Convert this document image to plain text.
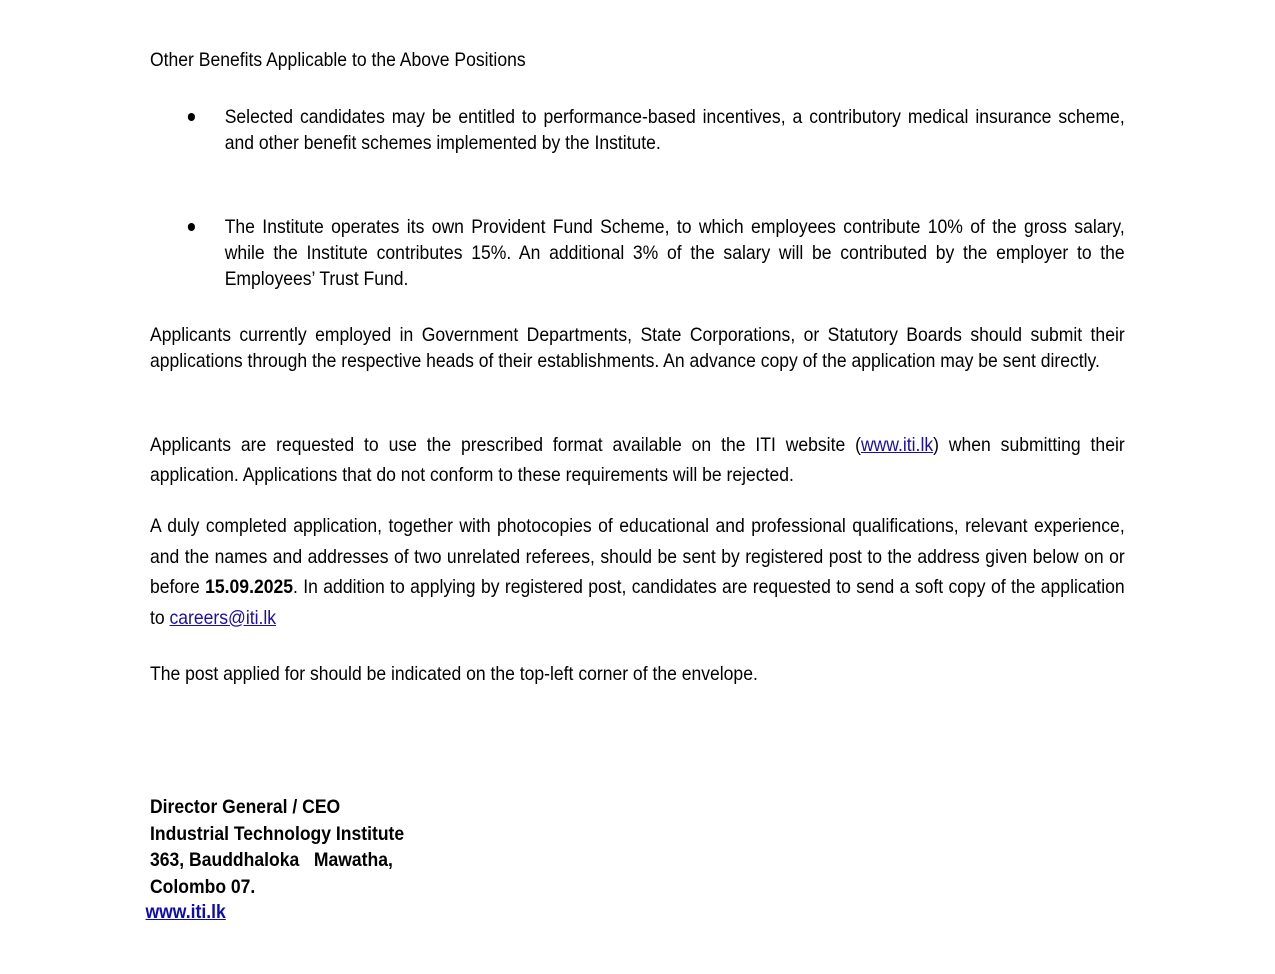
Other Benefits Applicable to the Above Positions
Selected candidates may be entitled to performance-based incentives, a contributory medical insurance scheme, and other benefit schemes implemented by the Institute.
The Institute operates its own Provident Fund Scheme, to which employees contribute 10% of the gross salary, while the Institute contributes 15%. An additional 3% of the salary will be contributed by the employer to the Employees’ Trust Fund.

Applicants currently employed in Government Departments, State Corporations, or Statutory Boards should submit their applications through the respective heads of their establishments. An advance copy of the application may be sent directly.

Applicants are requested to use the prescribed format available on the ITI website (www.iti.lk) when submitting their application. Applications that do not conform to these requirements will be rejected.

A duly completed application, together with photocopies of educational and professional qualifications, relevant experience, and the names and addresses of two unrelated referees, should be sent by registered post to the address given below on or before 15.09.2025. In addition to applying by registered post, candidates are requested to send a soft copy of the application to careers@iti.lk

The post applied for should be indicated on the top-left corner of the envelope.

Director General / CEO
Industrial Technology Institute
363, Bauddhaloka   Mawatha,
Colombo 07.
www.iti.lk
